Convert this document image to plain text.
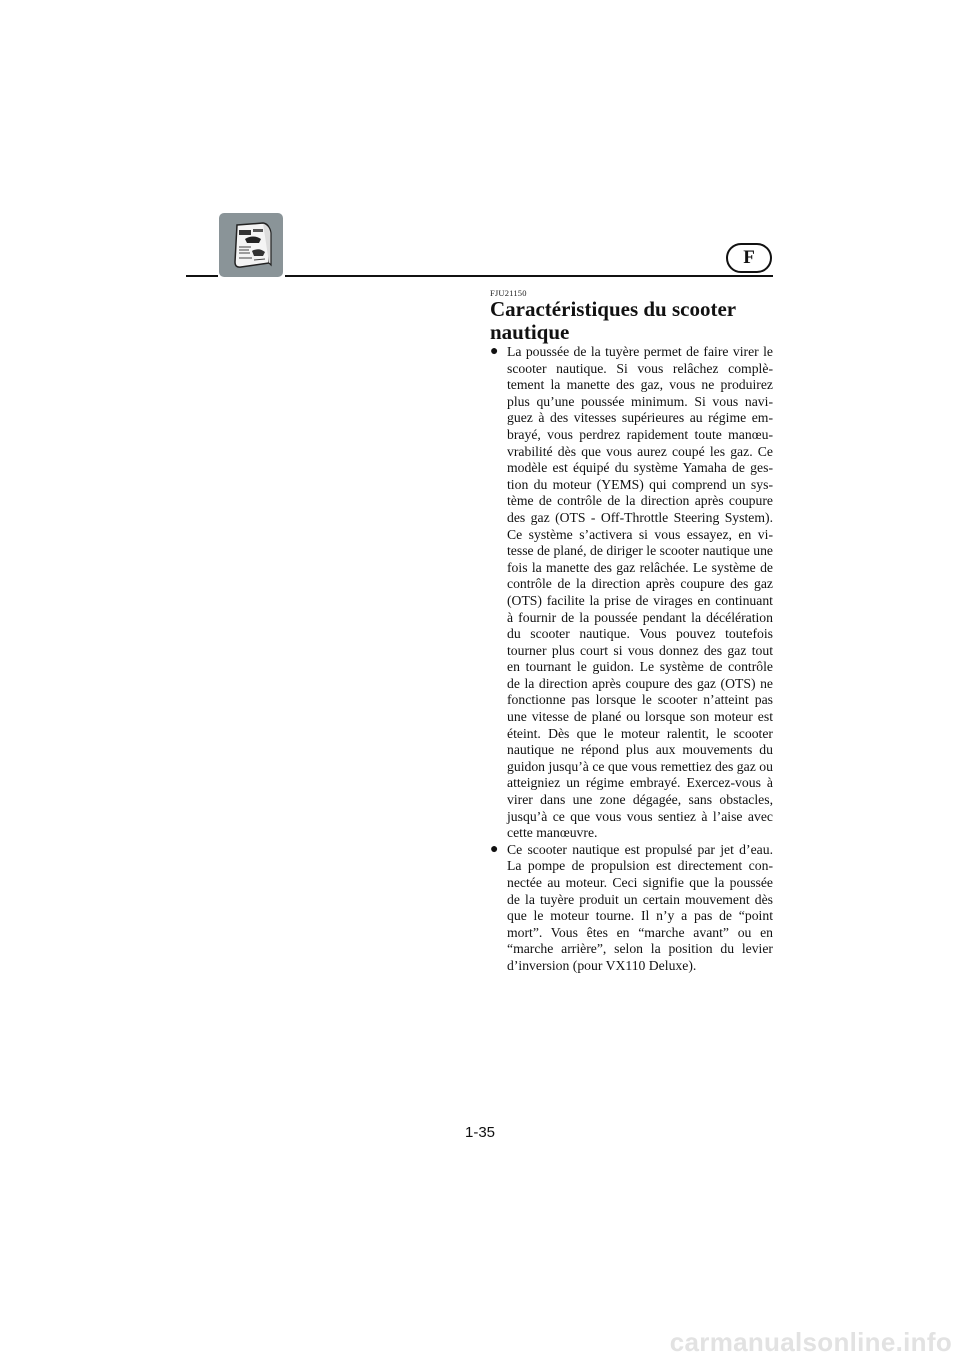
F
FJU21150
Caractéristiques du scooter nautique
● La poussée de la tuyère permet de faire virer le scooter nautique. Si vous relâchez complètement la manette des gaz, vous ne produirez plus qu’une poussée minimum. Si vous naviguez à des vitesses supérieures au régime embrayé, vous perdrez rapidement toute manœuvrabilité dès que vous aurez coupé les gaz. Ce modèle est équipé du système Yamaha de gestion du moteur (YEMS) qui comprend un système de contrôle de la direction après coupure des gaz (OTS - Off-Throttle Steering System). Ce système s’activera si vous essayez, en vitesse de plané, de diriger le scooter nautique une fois la manette des gaz relâchée. Le système de contrôle de la direction après coupure des gaz (OTS) facilite la prise de virages en continuant à fournir de la poussée pendant la décélération du scooter nautique. Vous pouvez toutefois tourner plus court si vous donnez des gaz tout en tournant le guidon. Le système de contrôle de la direction après coupure des gaz (OTS) ne fonctionne pas lorsque le scooter n’atteint pas une vitesse de plané ou lorsque son moteur est éteint. Dès que le moteur ralentit, le scooter nautique ne répond plus aux mouvements du guidon jusqu’à ce que vous remettiez des gaz ou atteigniez un régime embrayé. Exercez-vous à virer dans une zone dégagée, sans obstacles, jusqu’à ce que vous vous sentiez à l’aise avec cette manœuvre.

● Ce scooter nautique est propulsé par jet d’eau. La pompe de propulsion est directement connectée au moteur. Ceci signifie que la poussée de la tuyère produit un certain mouvement dès que le moteur tourne. Il n’y a pas de “point mort”. Vous êtes en “marche avant” ou en “marche arrière”, selon la position du levier d’inversion (pour VX110 Deluxe).

1-35
carmanualsonline.info
